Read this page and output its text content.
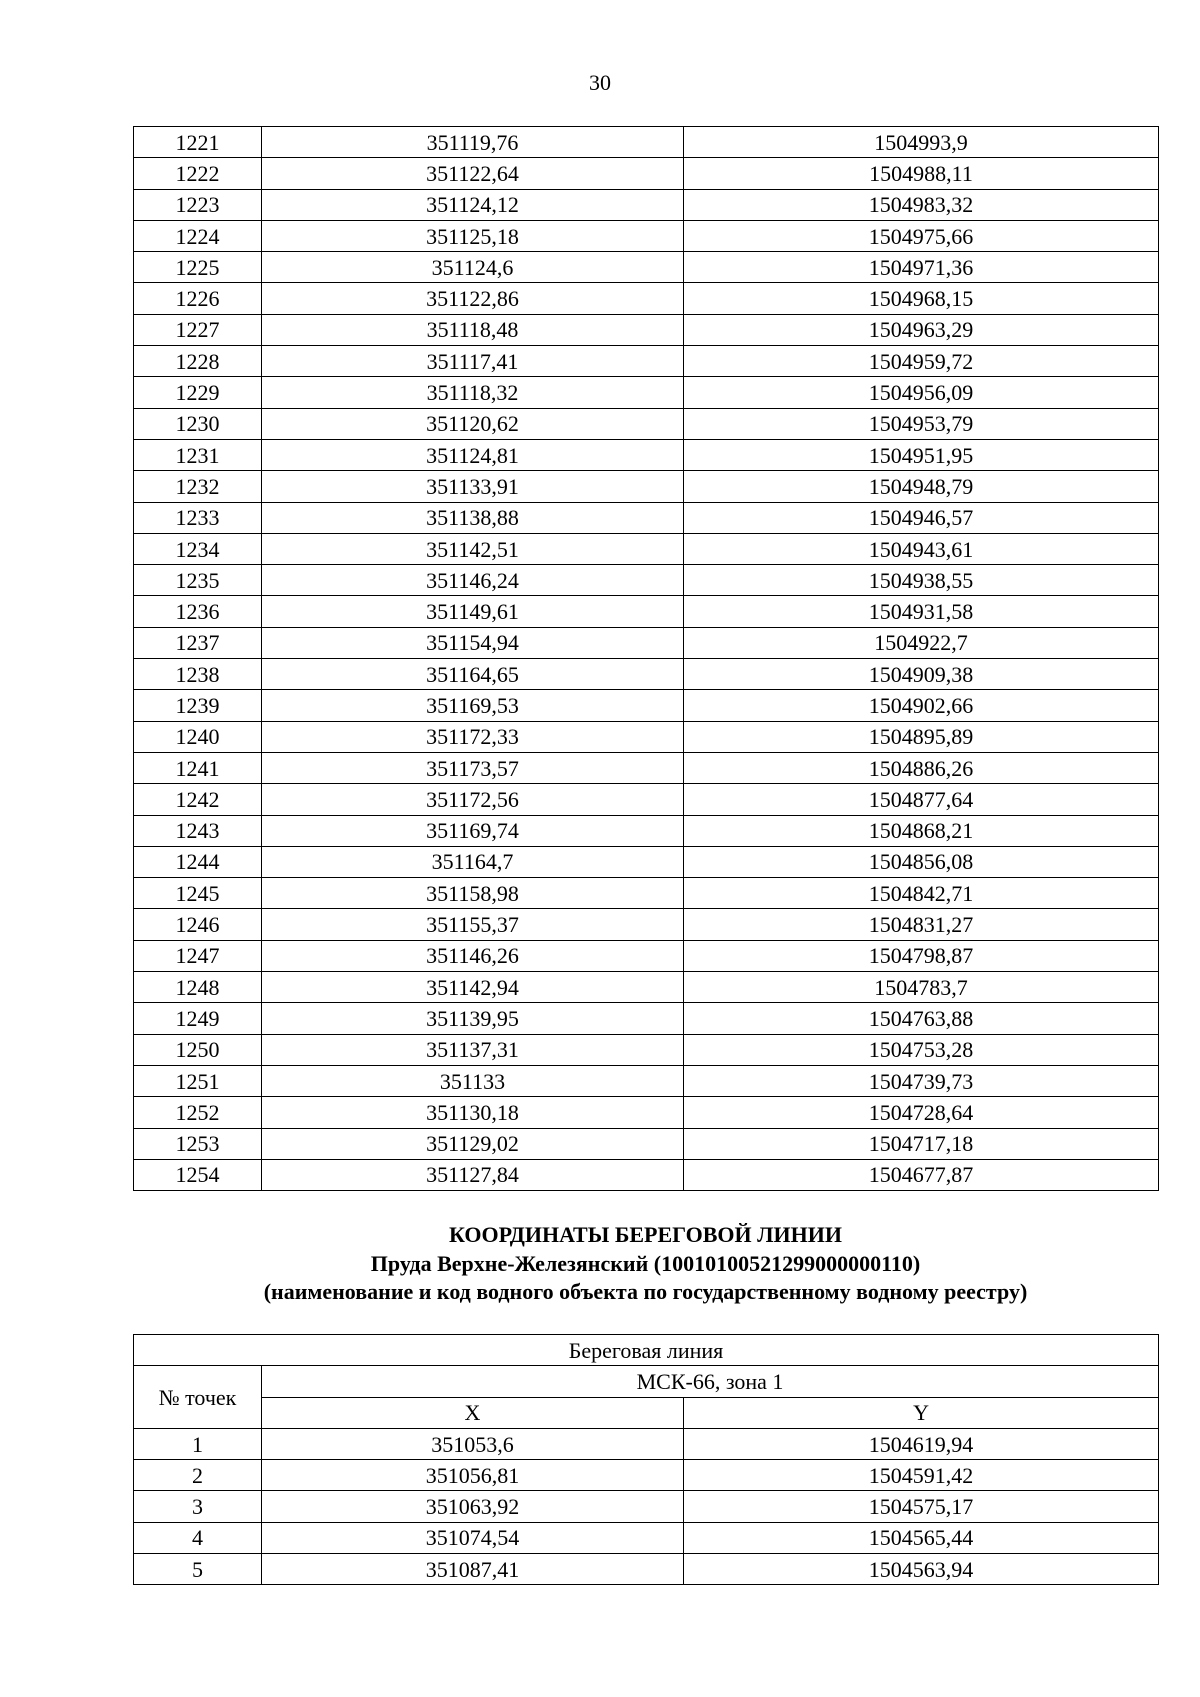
30
1221	351119,76	1504993,9
1222	351122,64	1504988,11
1223	351124,12	1504983,32
1224	351125,18	1504975,66
1225	351124,6	1504971,36
1226	351122,86	1504968,15
1227	351118,48	1504963,29
1228	351117,41	1504959,72
1229	351118,32	1504956,09
1230	351120,62	1504953,79
1231	351124,81	1504951,95
1232	351133,91	1504948,79
1233	351138,88	1504946,57
1234	351142,51	1504943,61
1235	351146,24	1504938,55
1236	351149,61	1504931,58
1237	351154,94	1504922,7
1238	351164,65	1504909,38
1239	351169,53	1504902,66
1240	351172,33	1504895,89
1241	351173,57	1504886,26
1242	351172,56	1504877,64
1243	351169,74	1504868,21
1244	351164,7	1504856,08
1245	351158,98	1504842,71
1246	351155,37	1504831,27
1247	351146,26	1504798,87
1248	351142,94	1504783,7
1249	351139,95	1504763,88
1250	351137,31	1504753,28
1251	351133	1504739,73
1252	351130,18	1504728,64
1253	351129,02	1504717,18
1254	351127,84	1504677,87
КООРДИНАТЫ БЕРЕГОВОЙ ЛИНИИ
Пруда Верхне-Железянский (10010100521299000000110)
(наименование и код водного объекта по государственному водному реестру)
Береговая линия		
№ точек	МСК-66, зона 1	
	X	Y
1	351053,6	1504619,94
2	351056,81	1504591,42
3	351063,92	1504575,17
4	351074,54	1504565,44
5	351087,41	1504563,94
